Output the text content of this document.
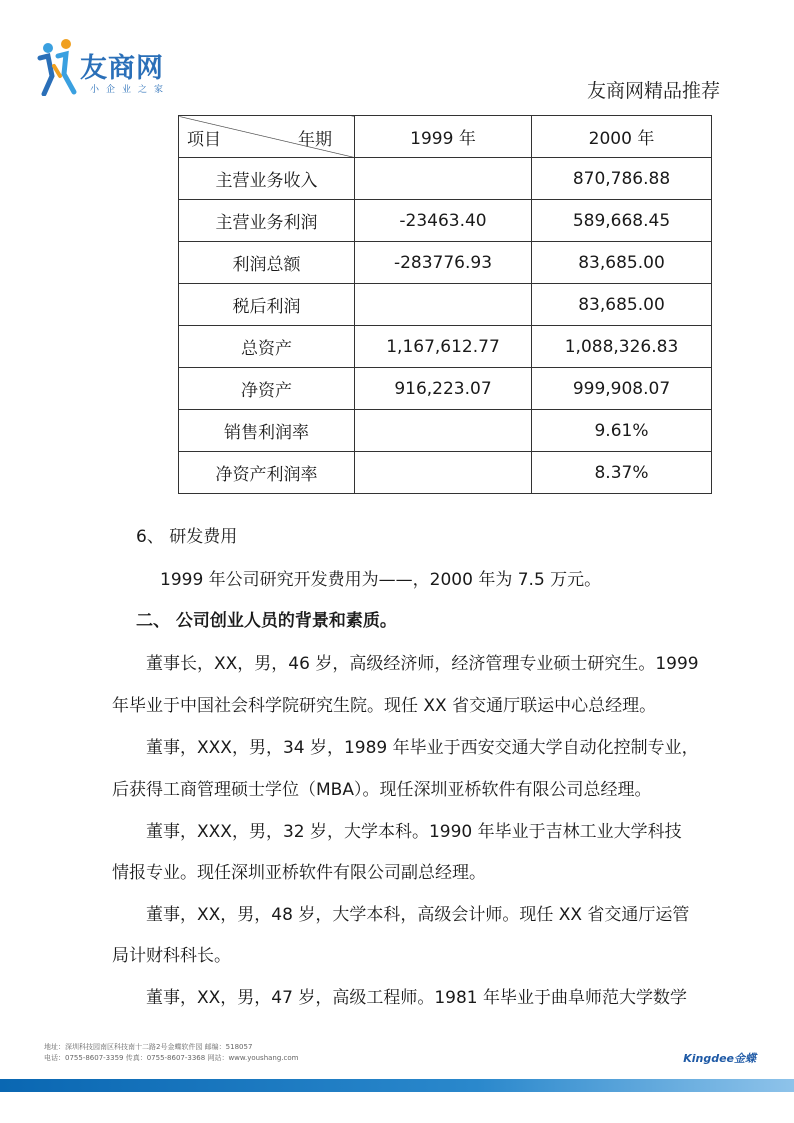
友商网
小企业之家	友商网精品推荐
项目 年期	1999 年	2000 年
主营业务收入		870,786.88
主营业务利润	-23463.40	589,668.45
利润总额	-283776.93	83,685.00
税后利润		83,685.00
总资产	1,167,612.77	1,088,326.83
净资产	916,223.07	999,908.07
销售利润率		9.61%
净资产利润率		8.37%
6、 研发费用
1999 年公司研究开发费用为——，2000 年为 7.5 万元。
二、 公司创业人员的背景和素质。
董事长，XX，男，46 岁，高级经济师，经济管理专业硕士研究生。1999
年毕业于中国社会科学院研究生院。现任 XX 省交通厅联运中心总经理。
董事，XXX，男，34 岁，1989 年毕业于西安交通大学自动化控制专业，
后获得工商管理硕士学位（MBA）。现任深圳亚桥软件有限公司总经理。
董事，XXX，男，32 岁，大学本科。1990 年毕业于吉林工业大学科技
情报专业。现任深圳亚桥软件有限公司副总经理。
董事，XX，男，48 岁，大学本科，高级会计师。现任 XX 省交通厅运管
局计财科科长。
董事，XX，男，47 岁，高级工程师。1981 年毕业于曲阜师范大学数学
地址：深圳科技园南区科技南十二路2号金蝶软件园 邮编：518057
电话：0755-8607-3359 传真：0755-8607-3368 网站：www.youshang.com	Kingdee金蝶
